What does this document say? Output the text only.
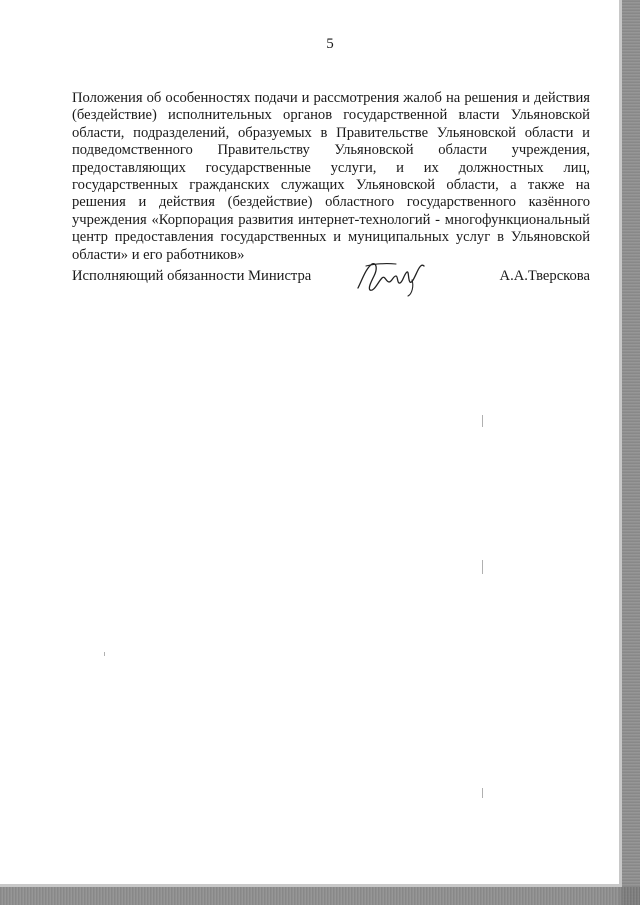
5

Положения об особенностях подачи и рассмотрения жалоб на решения и действия (бездействие) исполнительных органов государственной власти Ульяновской области, подразделений, образуемых в Правительстве Ульяновской области и подведомственного Правительству Ульяновской области учреждения, предоставляющих государственные услуги, и их должностных лиц, государственных гражданских служащих Ульяновской области, а также на решения и действия (бездействие) областного государственного казённого учреждения «Корпорация развития интернет-технологий - многофункциональный центр предоставления государственных и муниципальных услуг в Ульяновской области» и его работников»

Исполняющий обязанности Министра	А.А.Тверскова
